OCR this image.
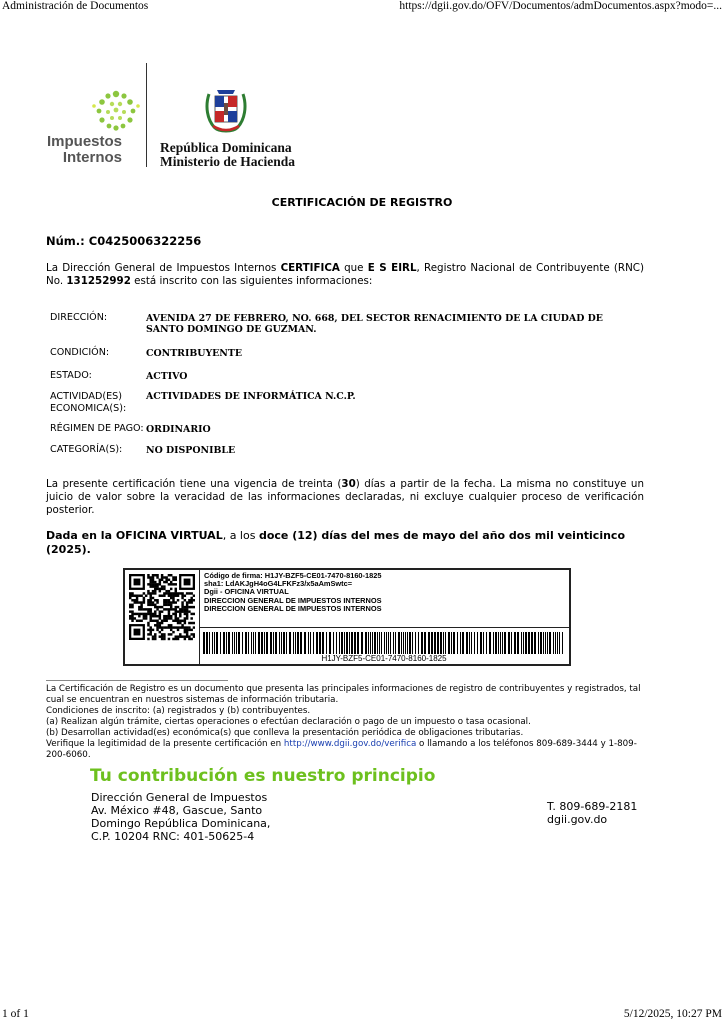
Administración de Documentos	https://dgii.gov.do/OFV/Documentos/admDocumentos.aspx?modo=...
Impuestos
Internos
República Dominicana
Ministerio de Hacienda
CERTIFICACIÓN DE REGISTRO
Núm.: C0425006322256
La Dirección General de Impuestos Internos CERTIFICA que E S EIRL, Registro Nacional de Contribuyente (RNC) No. 131252992 está inscrito con las siguientes informaciones:
DIRECCIÓN:	AVENIDA 27 DE FEBRERO, NO. 668, DEL SECTOR RENACIMIENTO DE LA CIUDAD DE SANTO DOMINGO DE GUZMAN.
CONDICIÓN:	CONTRIBUYENTE
ESTADO:	ACTIVO
ACTIVIDAD(ES) ECONOMICA(S):
ACTIVIDADES DE INFORMÁTICA N.C.P.
RÉGIMEN DE PAGO: ORDINARIO
CATEGORÍA(S):	NO DISPONIBLE
La presente certificación tiene una vigencia de treinta (30) días a partir de la fecha. La misma no constituye un juicio de valor sobre la veracidad de las informaciones declaradas, ni excluye cualquier proceso de verificación posterior.
Dada en la OFICINA VIRTUAL, a los doce (12) días del mes de mayo del año dos mil veinticinco (2025).
Código de firma: H1JY-BZF5-CE01-7470-8160-1825
sha1: LdAKJgH4oG4LFKFz3/x5aAmSwtc=
Dgii - OFICINA VIRTUAL
DIRECCION GENERAL DE IMPUESTOS INTERNOS
DIRECCION GENERAL DE IMPUESTOS INTERNOS
H1JY-BZF5-CE01-7470-8160-1825
La Certificación de Registro es un documento que presenta las principales informaciones de registro de contribuyentes y registrados, tal cual se encuentran en nuestros sistemas de información tributaria.
Condiciones de inscrito: (a) registrados y (b) contribuyentes.
(a) Realizan algún trámite, ciertas operaciones o efectúan declaración o pago de un impuesto o tasa ocasional.
(b) Desarrollan actividad(es) económica(s) que conlleva la presentación periódica de obligaciones tributarias.
Verifique la legitimidad de la presente certificación en http://www.dgii.gov.do/verifica o llamando a los teléfonos 809-689-3444 y 1-809-200-6060.
Tu contribución es nuestro principio
Dirección General de Impuestos
Av. México #48, Gascue, Santo
Domingo República Dominicana,
C.P. 10204 RNC: 401-50625-4
T. 809-689-2181
dgii.gov.do
1 of 1	5/12/2025, 10:27 PM
